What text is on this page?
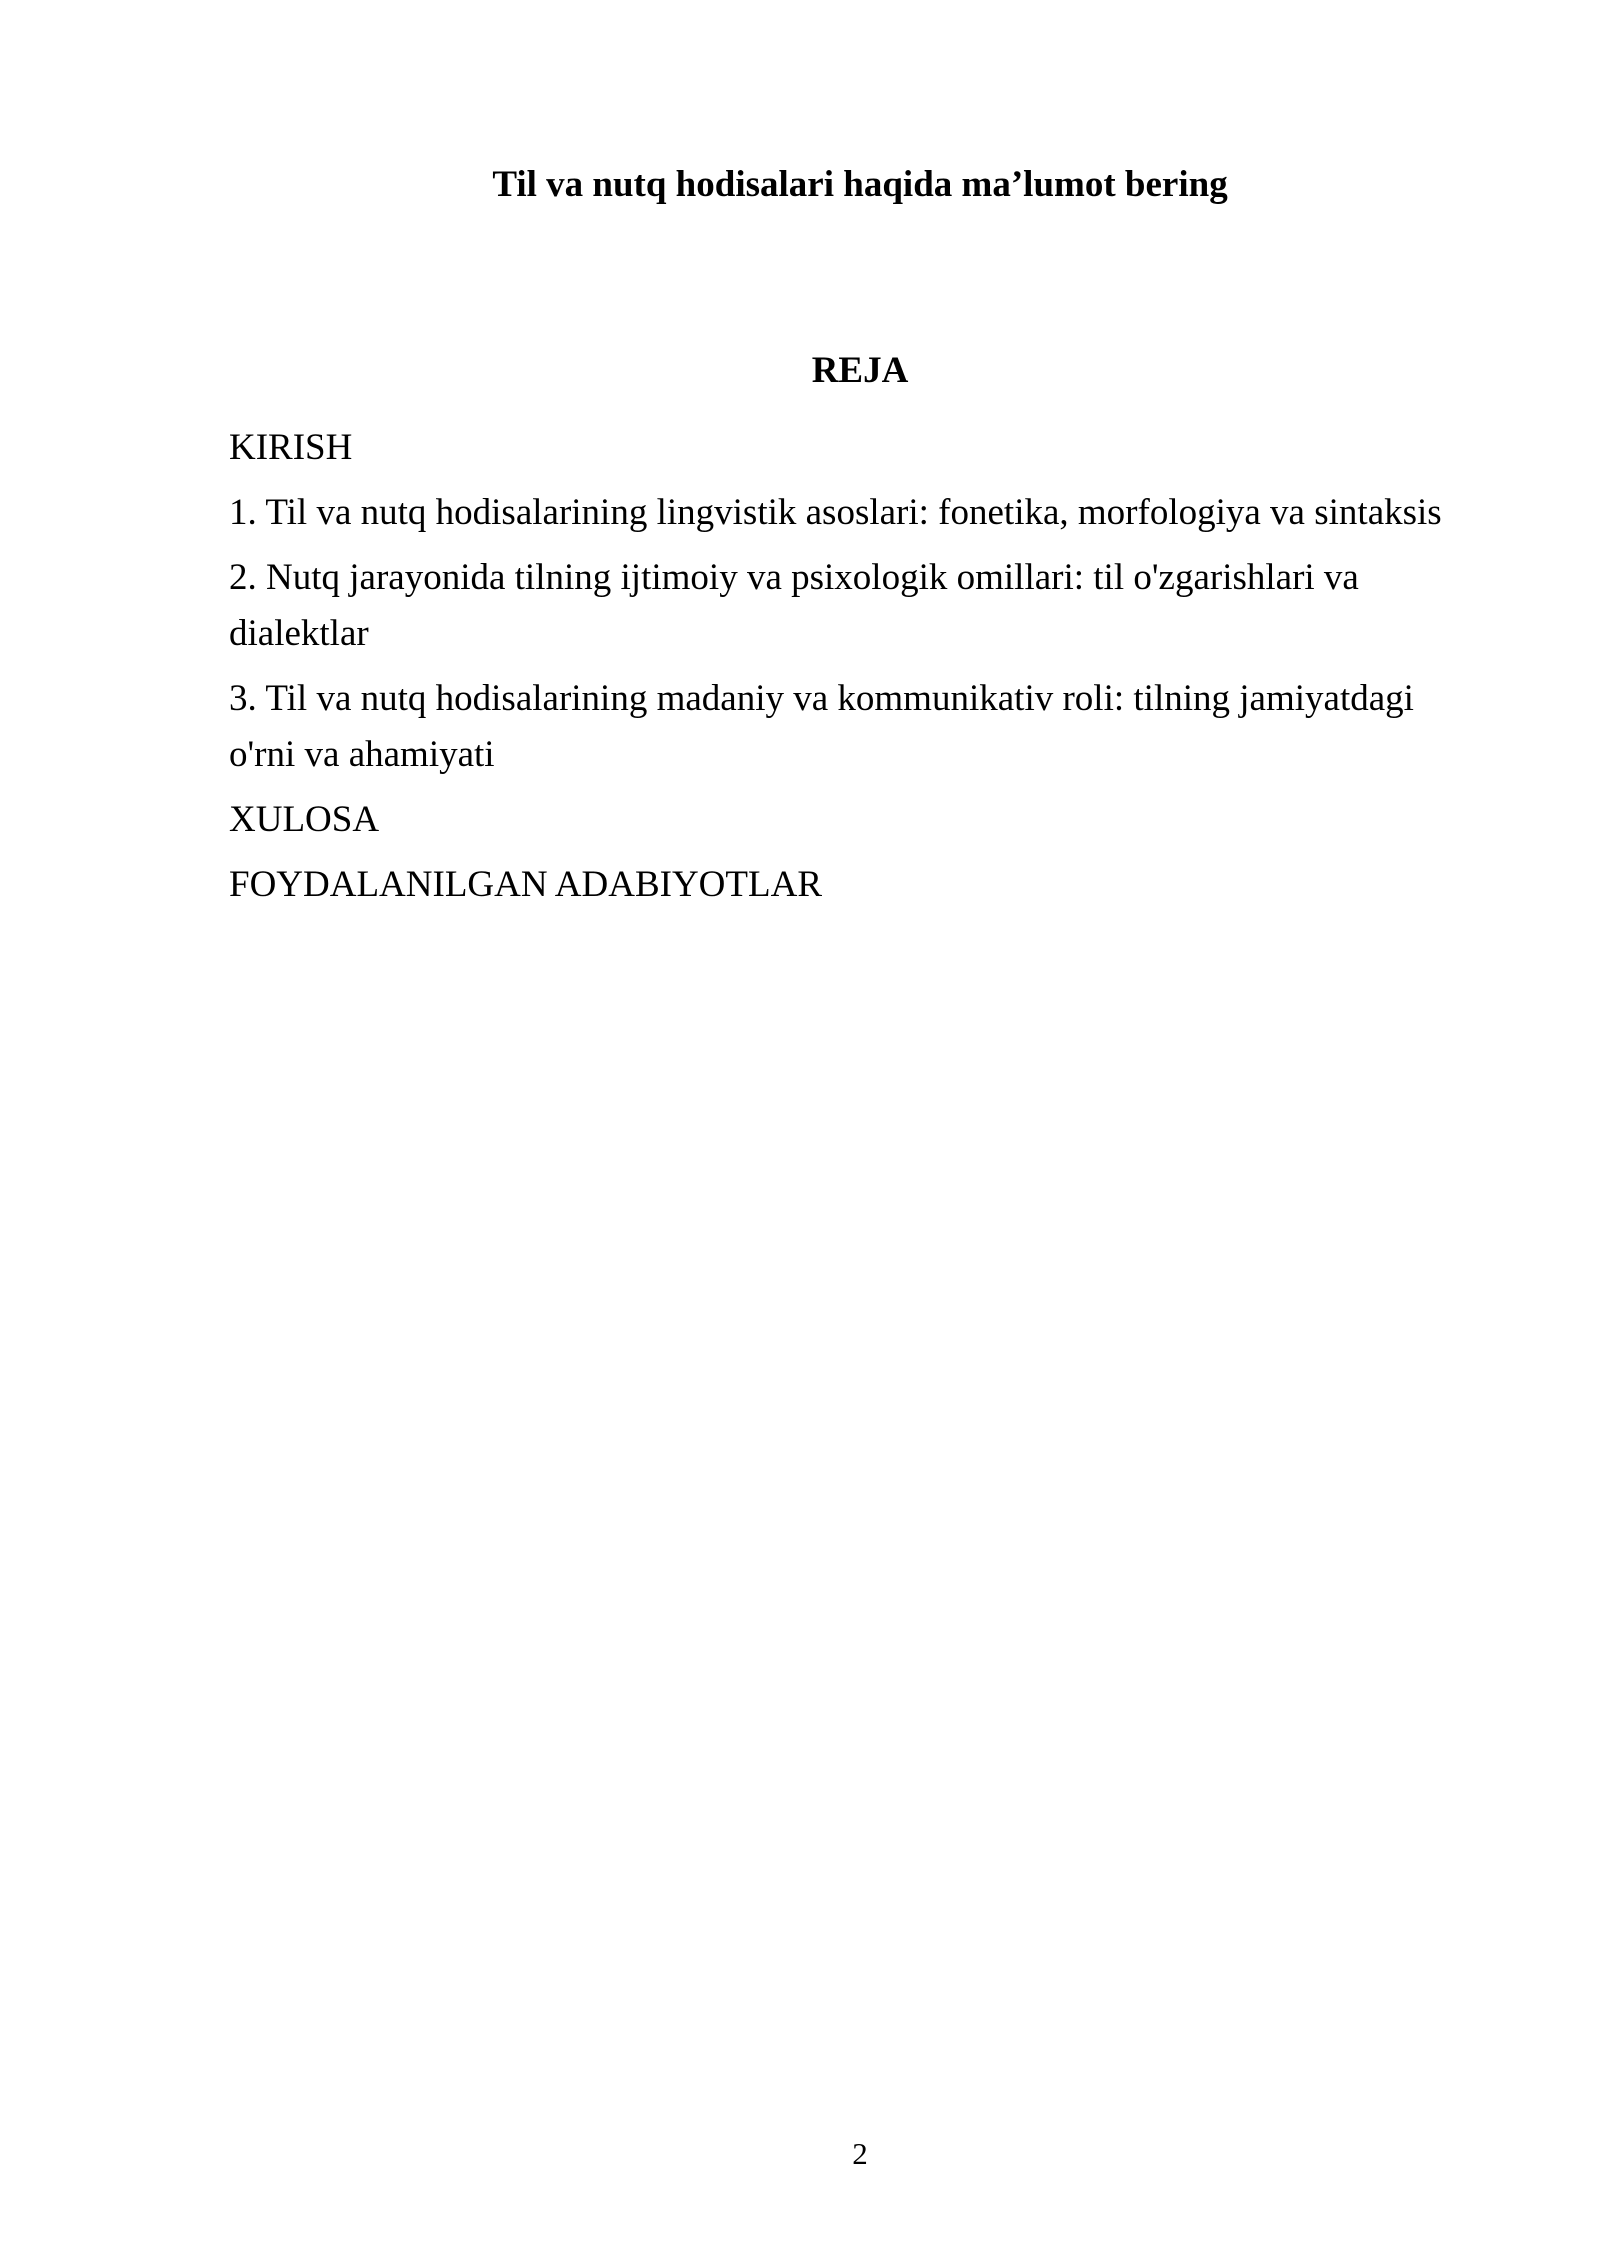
Til va nutq hodisalari haqida ma’lumot bering
REJA
KIRISH
1. Til va nutq hodisalarining lingvistik asoslari: fonetika, morfologiya va sintaksis
2. Nutq jarayonida tilning ijtimoiy va psixologik omillari: til o'zgarishlari va dialektlar
3. Til va nutq hodisalarining madaniy va kommunikativ roli: tilning jamiyatdagi o'rni va ahamiyati
XULOSA
FOYDALANILGAN ADABIYOTLAR
2
